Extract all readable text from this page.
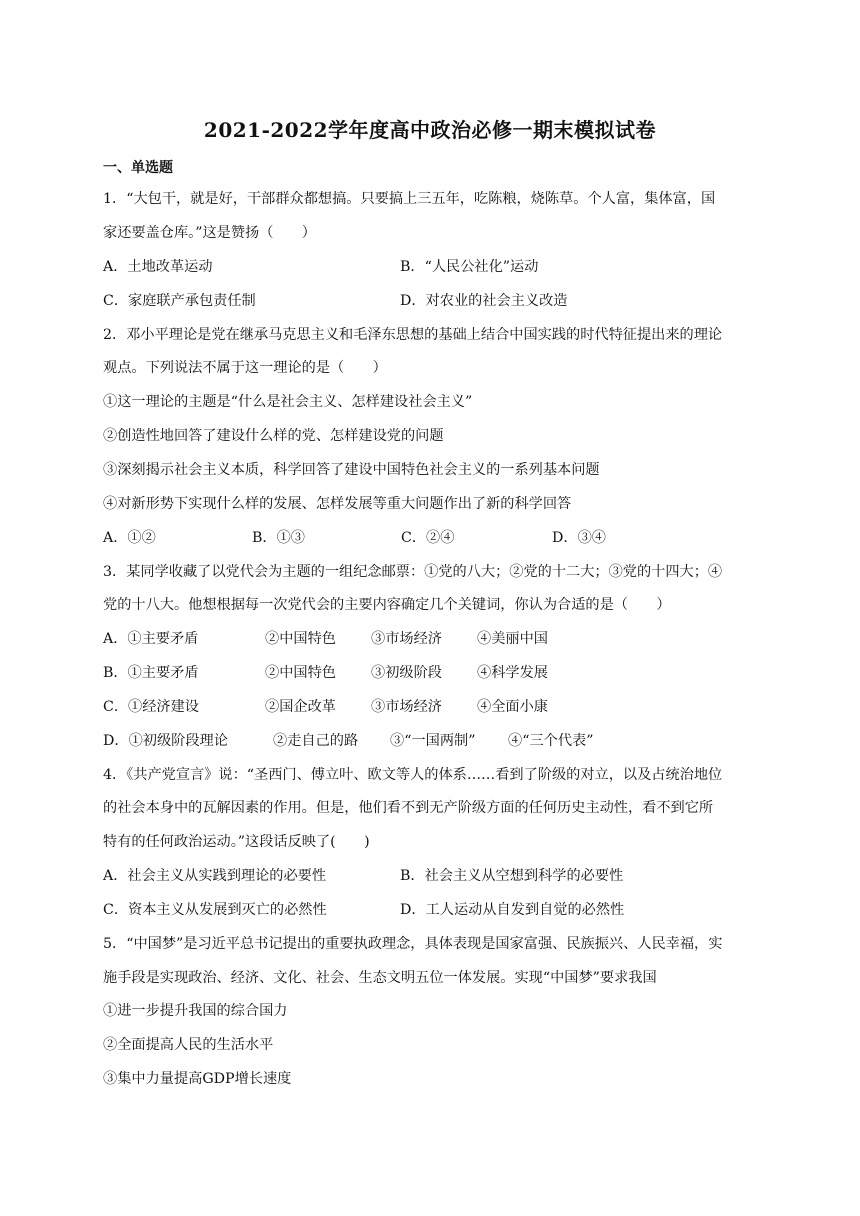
2021-2022学年度高中政治必修一期末模拟试卷
一、单选题
1．“大包干，就是好，干部群众都想搞。只要搞上三五年，吃陈粮，烧陈草。个人富，集体富，国
家还要盖仓库。”这是赞扬（　　）
A．土地改革运动	B．“人民公社化”运动
C．家庭联产承包责任制	D．对农业的社会主义改造
2．邓小平理论是党在继承马克思主义和毛泽东思想的基础上结合中国实践的时代特征提出来的理论
观点。下列说法不属于这一理论的是（　　）
①这一理论的主题是“什么是社会主义、怎样建设社会主义”
②创造性地回答了建设什么样的党、怎样建设党的问题
③深刻揭示社会主义本质，科学回答了建设中国特色社会主义的一系列基本问题
④对新形势下实现什么样的发展、怎样发展等重大问题作出了新的科学回答
A．①②	B．①③	C．②④	D．③④
3．某同学收藏了以党代会为主题的一组纪念邮票：①党的八大；②党的十二大；③党的十四大；④
党的十八大。他想根据每一次党代会的主要内容确定几个关键词，你认为合适的是（　　）
A．①主要矛盾	②中国特色 ③市场经济 ④美丽中国
B．①主要矛盾	②中国特色 ③初级阶段 ④科学发展
C．①经济建设	②国企改革 ③市场经济 ④全面小康
D．①初级阶段理论	②走自己的路 ③“一国两制” ④“三个代表”
4．《共产党宣言》说：“圣西门、傅立叶、欧文等人的体系……看到了阶级的对立，以及占统治地位
的社会本身中的瓦解因素的作用。但是，他们看不到无产阶级方面的任何历史主动性，看不到它所
特有的任何政治运动。”这段话反映了(　　)
A．社会主义从实践到理论的必要性	B．社会主义从空想到科学的必要性
C．资本主义从发展到灭亡的必然性	D．工人运动从自发到自觉的必然性
5．“中国梦”是习近平总书记提出的重要执政理念，具体表现是国家富强、民族振兴、人民幸福，实
施手段是实现政治、经济、文化、社会、生态文明五位一体发展。实现“中国梦”要求我国
①进一步提升我国的综合国力
②全面提高人民的生活水平
③集中力量提高GDP增长速度
